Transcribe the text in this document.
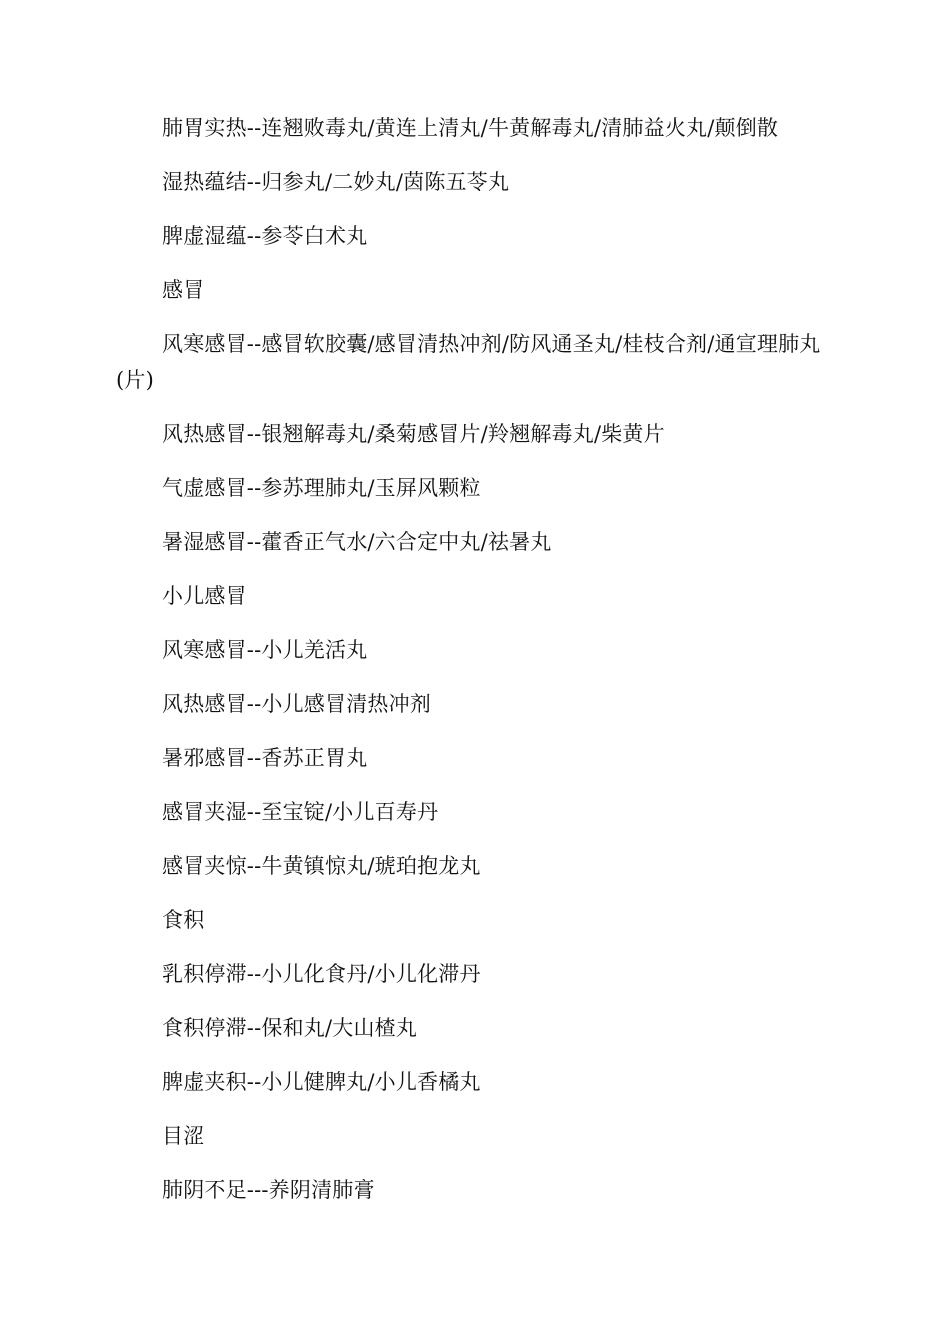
肺胃实热--连翘败毒丸/黄连上清丸/牛黄解毒丸/清肺益火丸/颠倒散

湿热蕴结--归参丸/二妙丸/茵陈五苓丸

脾虚湿蕴--参苓白术丸

感冒

风寒感冒--感冒软胶囊/感冒清热冲剂/防风通圣丸/桂枝合剂/通宣理肺丸(片)

风热感冒--银翘解毒丸/桑菊感冒片/羚翘解毒丸/柴黄片

气虚感冒--参苏理肺丸/玉屏风颗粒

暑湿感冒--藿香正气水/六合定中丸/祛暑丸

小儿感冒

风寒感冒--小儿羌活丸

风热感冒--小儿感冒清热冲剂

暑邪感冒--香苏正胃丸

感冒夹湿--至宝锭/小儿百寿丹

感冒夹惊--牛黄镇惊丸/琥珀抱龙丸

食积

乳积停滞--小儿化食丹/小儿化滞丹

食积停滞--保和丸/大山楂丸

脾虚夹积--小儿健脾丸/小儿香橘丸

目涩

肺阴不足---养阴清肺膏
